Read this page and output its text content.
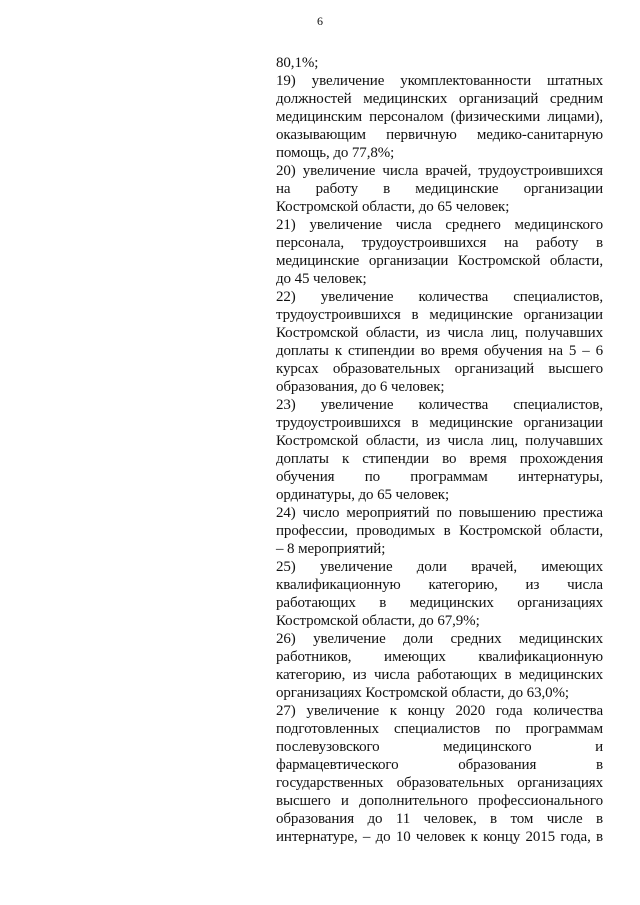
6
80,1%;
19) увеличение укомплектованности штатных
должностей медицинских организаций средним
медицинским персоналом (физическими лицами),
оказывающим первичную медико-санитарную
помощь, до 77,8%;
20) увеличение числа врачей, трудоустроившихся
на работу в медицинские организации
Костромской области, до 65 человек;
21) увеличение числа среднего медицинского
персонала, трудоустроившихся на работу в
медицинские организации Костромской области,
до 45 человек;
22) увеличение количества специалистов,
трудоустроившихся в медицинские организации
Костромской области, из числа лиц, получавших
доплаты к стипендии во время обучения на 5 – 6
курсах образовательных организаций высшего
образования, до 6 человек;
23) увеличение количества специалистов,
трудоустроившихся в медицинские организации
Костромской области, из числа лиц, получавших
доплаты к стипендии во время прохождения
обучения по программам интернатуры,
ординатуры, до 65 человек;
24) число мероприятий по повышению престижа
профессии, проводимых в Костромской области,
– 8 мероприятий;
25) увеличение доли врачей, имеющих
квалификационную категорию, из числа
работающих в медицинских организациях
Костромской области, до 67,9%;
26) увеличение доли средних медицинских
работников, имеющих квалификационную
категорию, из числа работающих в медицинских
организациях Костромской области, до 63,0%;
27) увеличение к концу 2020 года количества
подготовленных специалистов по программам
послевузовского медицинского и
фармацевтического образования в
государственных образовательных организациях
высшего и дополнительного профессионального
образования до 11 человек, в том числе в
интернатуре, – до 10 человек к концу 2015 года, в
